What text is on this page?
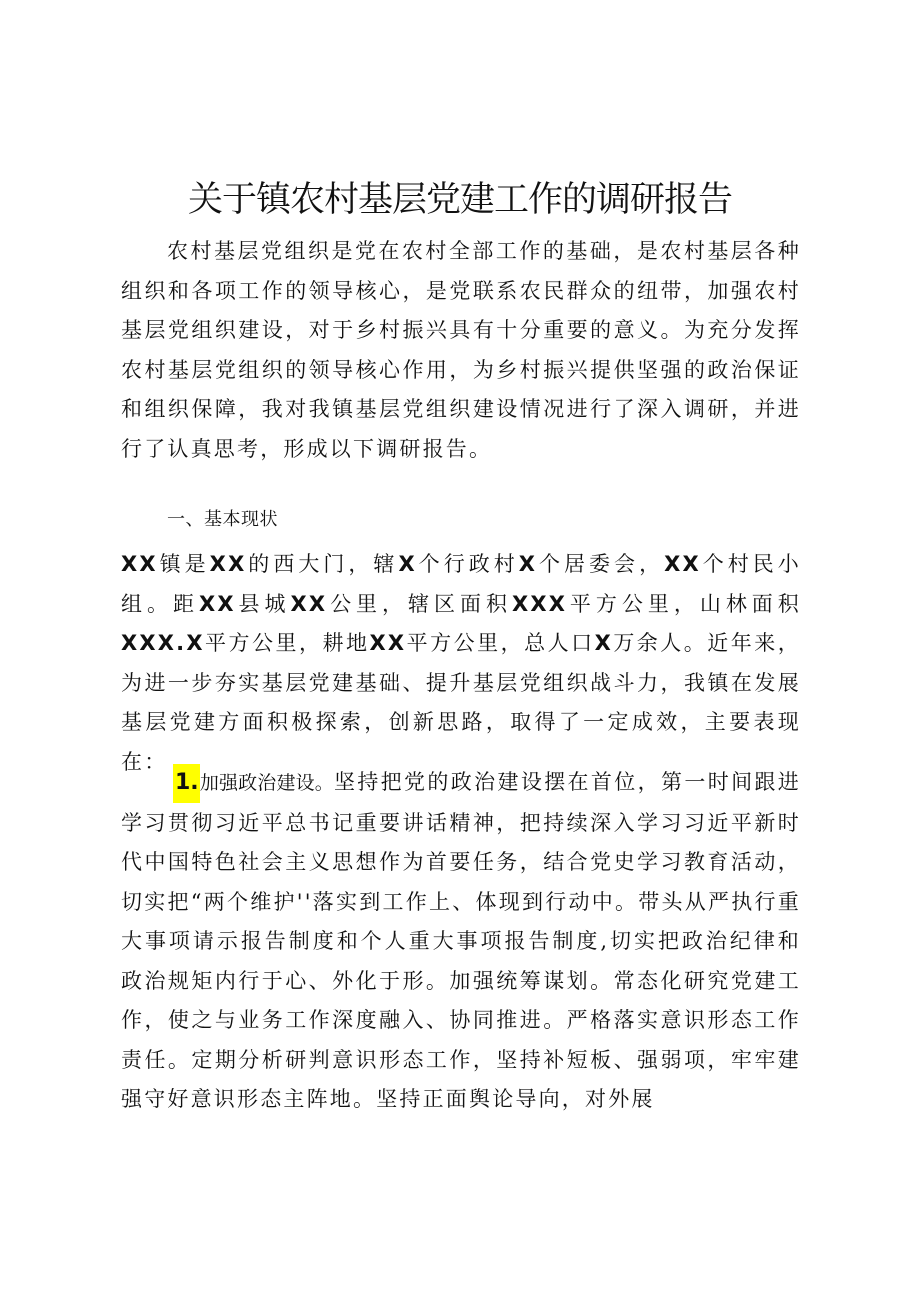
关于镇农村基层党建工作的调研报告

农村基层党组织是党在农村全部工作的基础，是农村基层各种组织和各项工作的领导核心，是党联系农民群众的纽带，加强农村基层党组织建设，对于乡村振兴具有十分重要的意义。为充分发挥农村基层党组织的领导核心作用，为乡村振兴提供坚强的政治保证和组织保障，我对我镇基层党组织建设情况进行了深入调研，并进行了认真思考，形成以下调研报告。

一、基本现状

XX镇是XX的西大门，辖X个行政村X个居委会，XX个村民小组。距XX县城XX公里，辖区面积XXX平方公里，山林面积XXX.X平方公里，耕地XX平方公里，总人口X万余人。近年来，为进一步夯实基层党建基础、提升基层党组织战斗力，我镇在发展基层党建方面积极探索，创新思路，取得了一定成效，主要表现在：

1.加强政治建设。坚持把党的政治建设摆在首位，第一时间跟进学习贯彻习近平总书记重要讲话精神，把持续深入学习习近平新时代中国特色社会主义思想作为首要任务，结合党史学习教育活动，切实把“两个维护''落实到工作上、体现到行动中。带头从严执行重大事项请示报告制度和个人重大事项报告制度,切实把政治纪律和政治规矩内行于心、外化于形。加强统筹谋划。常态化研究党建工作，使之与业务工作深度融入、协同推进。严格落实意识形态工作责任。定期分析研判意识形态工作，坚持补短板、强弱项，牢牢建强守好意识形态主阵地。坚持正面舆论导向，对外展
